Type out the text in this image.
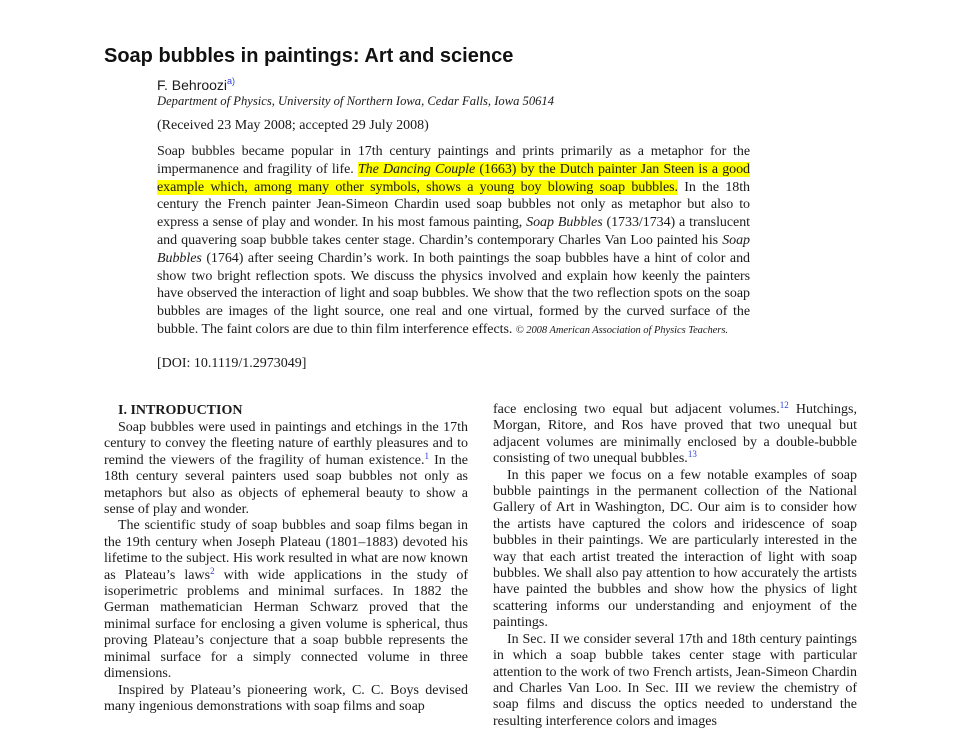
Soap bubbles in paintings: Art and science
F. Behroozi$^{a)}$
Department of Physics, University of Northern Iowa, Cedar Falls, Iowa 50614
(Received 23 May 2008; accepted 29 July 2008)

Soap bubbles became popular in 17th century paintings and prints primarily as a metaphor for the impermanence and fragility of life. The Dancing Couple (1663) by the Dutch painter Jan Steen is a good example which, among many other symbols, shows a young boy blowing soap bubbles. In the 18th century the French painter Jean-Simeon Chardin used soap bubbles not only as metaphor but also to express a sense of play and wonder. In his most famous painting, Soap Bubbles (1733/1734) a translucent and quavering soap bubble takes center stage. Chardin’s contemporary Charles Van Loo painted his Soap Bubbles (1764) after seeing Chardin’s work. In both paintings the soap bubbles have a hint of color and show two bright reflection spots. We discuss the physics involved and explain how keenly the painters have observed the interaction of light and soap bubbles. We show that the two reflection spots on the soap bubbles are images of the light source, one real and one virtual, formed by the curved surface of the bubble. The faint colors are due to thin film interference effects. © 2008 American Association of Physics Teachers.

[DOI: 10.1119/1.2973049]

I. INTRODUCTION

Soap bubbles were used in paintings and etchings in the 17th century to convey the fleeting nature of earthly pleasures and to remind the viewers of the fragility of human existence.$^1$ In the 18th century several painters used soap bubbles not only as metaphors but also as objects of ephemeral beauty to show a sense of play and wonder.

The scientific study of soap bubbles and soap films began in the 19th century when Joseph Plateau (1801–1883) devoted his lifetime to the subject. His work resulted in what are now known as Plateau’s laws$^2$ with wide applications in the study of isoperimetric problems and minimal surfaces. In 1882 the German mathematician Herman Schwarz proved that the minimal surface for enclosing a given volume is spherical, thus proving Plateau’s conjecture that a soap bubble represents the minimal surface for a simply connected volume in three dimensions.

Inspired by Plateau’s pioneering work, C. C. Boys devised many ingenious demonstrations with soap films and soap

face enclosing two equal but adjacent volumes.$^{12}$ Hutchings, Morgan, Ritore, and Ros have proved that two unequal but adjacent volumes are minimally enclosed by a double-bubble consisting of two unequal bubbles.$^{13}$

In this paper we focus on a few notable examples of soap bubble paintings in the permanent collection of the National Gallery of Art in Washington, DC. Our aim is to consider how the artists have captured the colors and iridescence of soap bubbles in their paintings. We are particularly interested in the way that each artist treated the interaction of light with soap bubbles. We shall also pay attention to how accurately the artists have painted the bubbles and show how the physics of light scattering informs our understanding and enjoyment of the paintings.

In Sec. II we consider several 17th and 18th century paintings in which a soap bubble takes center stage with particular attention to the work of two French artists, Jean-Simeon Chardin and Charles Van Loo. In Sec. III we review the chemistry of soap films and discuss the optics needed to understand the resulting interference colors and images
